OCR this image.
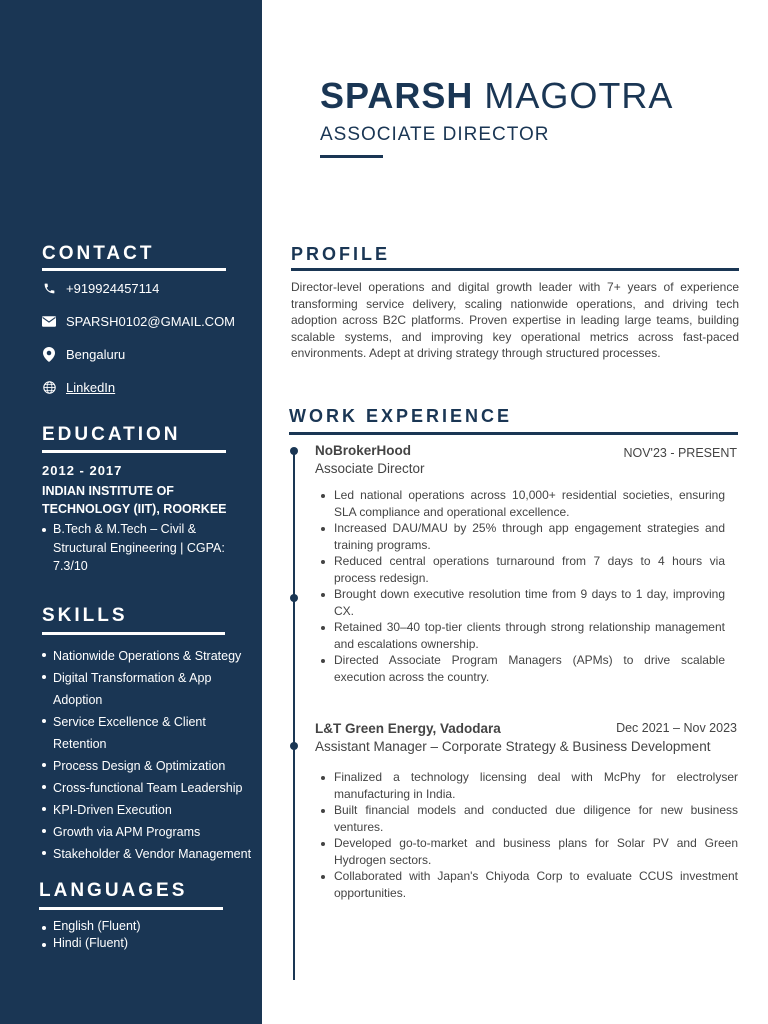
CONTACT
+919924457114
SPARSH0102@GMAIL.COM
Bengaluru
LinkedIn
EDUCATION
2012 - 2017
INDIAN INSTITUTE OF TECHNOLOGY (IIT), ROORKEE
B.Tech & M.Tech – Civil & Structural Engineering | CGPA: 7.3/10
SKILLS
Nationwide Operations & Strategy
Digital Transformation & App Adoption
Service Excellence & Client Retention
Process Design & Optimization
Cross-functional Team Leadership
KPI-Driven Execution
Growth via APM Programs
Stakeholder & Vendor Management
LANGUAGES
English (Fluent)
Hindi (Fluent)
SPARSH MAGOTRA
ASSOCIATE DIRECTOR
PROFILE
Director-level operations and digital growth leader with 7+ years of experience transforming service delivery, scaling nationwide operations, and driving tech adoption across B2C platforms. Proven expertise in leading large teams, building scalable systems, and improving key operational metrics across fast-paced environments. Adept at driving strategy through structured processes.
WORK EXPERIENCE
NoBrokerHood	NOV'23 - PRESENT
Associate Director
Led national operations across 10,000+ residential societies, ensuring SLA compliance and operational excellence.
Increased DAU/MAU by 25% through app engagement strategies and training programs.
Reduced central operations turnaround from 7 days to 4 hours via process redesign.
Brought down executive resolution time from 9 days to 1 day, improving CX.
Retained 30–40 top-tier clients through strong relationship management and escalations ownership.
Directed Associate Program Managers (APMs) to drive scalable execution across the country.
L&T Green Energy, Vadodara	Dec 2021 – Nov 2023
Assistant Manager – Corporate Strategy & Business Development
Finalized a technology licensing deal with McPhy for electrolyser manufacturing in India.
Built financial models and conducted due diligence for new business ventures.
Developed go-to-market and business plans for Solar PV and Green Hydrogen sectors.
Collaborated with Japan's Chiyoda Corp to evaluate CCUS investment opportunities.
